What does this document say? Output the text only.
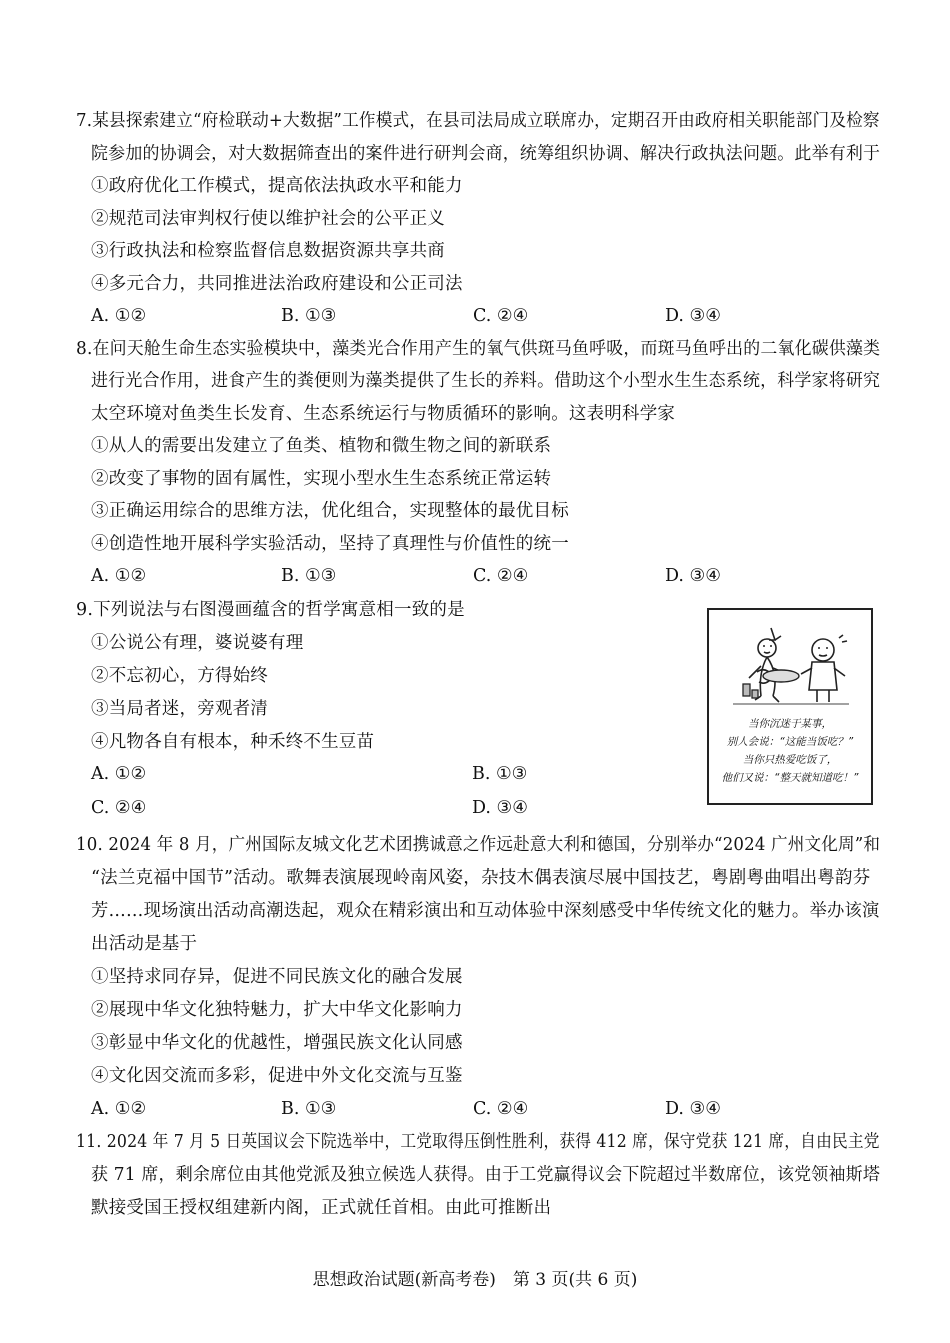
7.某县探索建立“府检联动+大数据”工作模式，在县司法局成立联席办，定期召开由政府相关职能部门及检察
院参加的协调会，对大数据筛查出的案件进行研判会商，统筹组织协调、解决行政执法问题。此举有利于
①政府优化工作模式，提高依法执政水平和能力
②规范司法审判权行使以维护社会的公平正义
③行政执法和检察监督信息数据资源共享共商
④多元合力，共同推进法治政府建设和公正司法
A. ①②	B. ①③	C. ②④	D. ③④
8.在问天舱生命生态实验模块中，藻类光合作用产生的氧气供斑马鱼呼吸，而斑马鱼呼出的二氧化碳供藻类
进行光合作用，进食产生的粪便则为藻类提供了生长的养料。借助这个小型水生生态系统，科学家将研究
太空环境对鱼类生长发育、生态系统运行与物质循环的影响。这表明科学家
①从人的需要出发建立了鱼类、植物和微生物之间的新联系
②改变了事物的固有属性，实现小型水生生态系统正常运转
③正确运用综合的思维方法，优化组合，实现整体的最优目标
④创造性地开展科学实验活动，坚持了真理性与价值性的统一
A. ①②	B. ①③	C. ②④	D. ③④
9.下列说法与右图漫画蕴含的哲学寓意相一致的是
①公说公有理，婆说婆有理
②不忘初心，方得始终
③当局者迷，旁观者清
④凡物各自有根本，种禾终不生豆苗
A. ①②	B. ①③
C. ②④	D. ③④
当你沉迷于某事，
别人会说：“这能当饭吃？”
当你只热爱吃饭了，
他们又说：“整天就知道吃！”
10. 2024 年 8 月，广州国际友城文化艺术团携诚意之作远赴意大利和德国，分别举办“2024 广州文化周”和
“法兰克福中国节”活动。歌舞表演展现岭南风姿，杂技木偶表演尽展中国技艺，粤剧粤曲唱出粤韵芬
芳……现场演出活动高潮迭起，观众在精彩演出和互动体验中深刻感受中华传统文化的魅力。举办该演
出活动是基于
①坚持求同存异，促进不同民族文化的融合发展
②展现中华文化独特魅力，扩大中华文化影响力
③彰显中华文化的优越性，增强民族文化认同感
④文化因交流而多彩，促进中外文化交流与互鉴
A. ①②	B. ①③	C. ②④	D. ③④
11. 2024 年 7 月 5 日英国议会下院选举中，工党取得压倒性胜利，获得 412 席，保守党获 121 席，自由民主党
获 71 席，剩余席位由其他党派及独立候选人获得。由于工党赢得议会下院超过半数席位，该党领袖斯塔
默接受国王授权组建新内阁，正式就任首相。由此可推断出
思想政治试题(新高考卷)　第 3 页(共 6 页)
